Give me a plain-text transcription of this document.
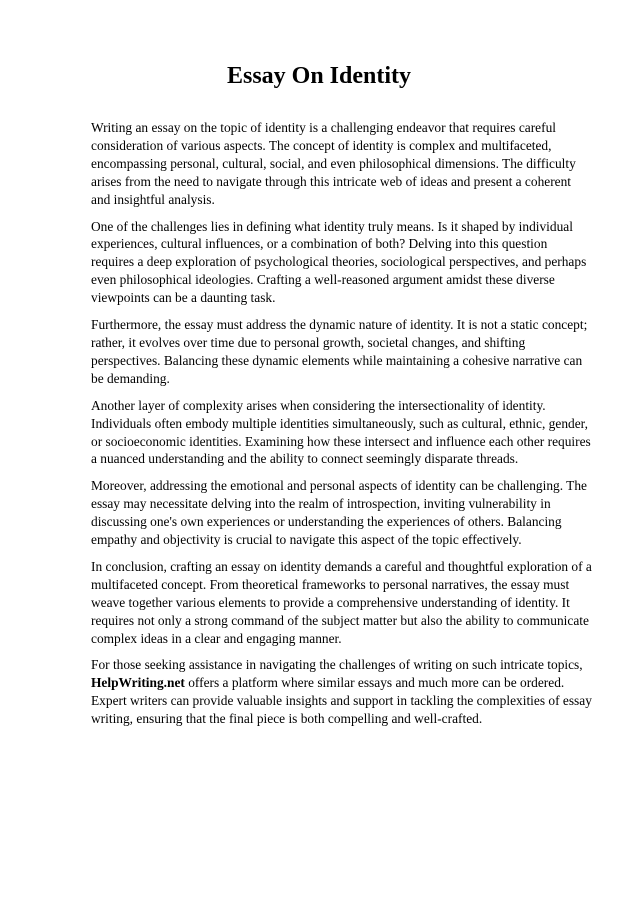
Essay On Identity

Writing an essay on the topic of identity is a challenging endeavor that requires careful consideration of various aspects. The concept of identity is complex and multifaceted, encompassing personal, cultural, social, and even philosophical dimensions. The difficulty arises from the need to navigate through this intricate web of ideas and present a coherent and insightful analysis.

One of the challenges lies in defining what identity truly means. Is it shaped by individual experiences, cultural influences, or a combination of both? Delving into this question requires a deep exploration of psychological theories, sociological perspectives, and perhaps even philosophical ideologies. Crafting a well-reasoned argument amidst these diverse viewpoints can be a daunting task.

Furthermore, the essay must address the dynamic nature of identity. It is not a static concept; rather, it evolves over time due to personal growth, societal changes, and shifting perspectives. Balancing these dynamic elements while maintaining a cohesive narrative can be demanding.

Another layer of complexity arises when considering the intersectionality of identity. Individuals often embody multiple identities simultaneously, such as cultural, ethnic, gender, or socioeconomic identities. Examining how these intersect and influence each other requires a nuanced understanding and the ability to connect seemingly disparate threads.

Moreover, addressing the emotional and personal aspects of identity can be challenging. The essay may necessitate delving into the realm of introspection, inviting vulnerability in discussing one's own experiences or understanding the experiences of others. Balancing empathy and objectivity is crucial to navigate this aspect of the topic effectively.

In conclusion, crafting an essay on identity demands a careful and thoughtful exploration of a multifaceted concept. From theoretical frameworks to personal narratives, the essay must weave together various elements to provide a comprehensive understanding of identity. It requires not only a strong command of the subject matter but also the ability to communicate complex ideas in a clear and engaging manner.

For those seeking assistance in navigating the challenges of writing on such intricate topics, HelpWriting.net offers a platform where similar essays and much more can be ordered. Expert writers can provide valuable insights and support in tackling the complexities of essay writing, ensuring that the final piece is both compelling and well-crafted.
